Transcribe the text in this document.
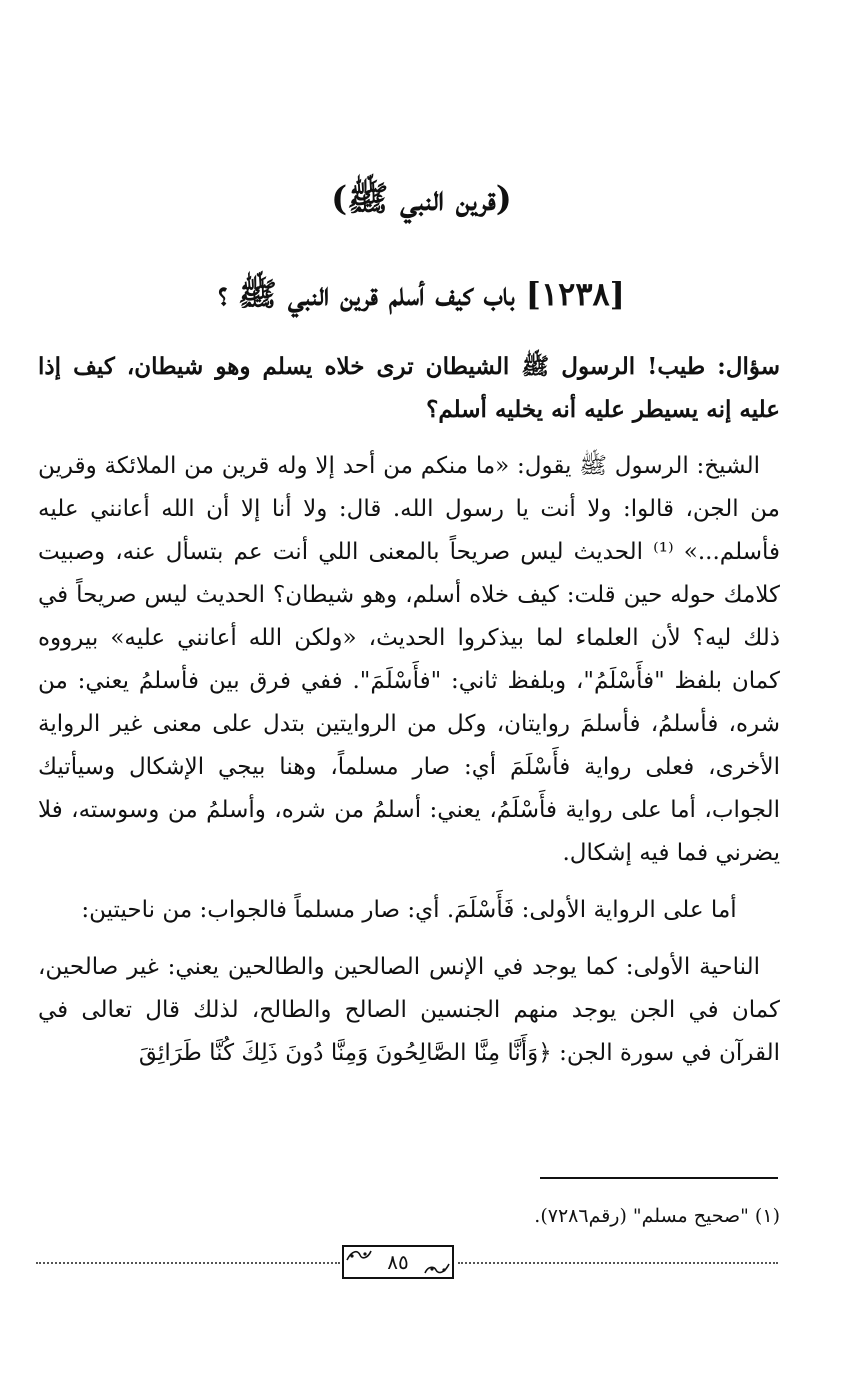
(قرين النبي ﷺ)
[١٢٣٨] باب كيف أسلم قرين النبي ﷺ ؟

سؤال: طيب! الرسول ﷺ الشيطان ترى خلاه يسلم وهو شيطان، كيف إذا عليه إنه يسيطر عليه أنه يخليه أسلم؟

الشيخ: الرسول ﷺ يقول: «ما منكم من أحد إلا وله قرين من الملائكة وقرين من الجن، قالوا: ولا أنت يا رسول الله. قال: ولا أنا إلا أن الله أعانني عليه فأسلم...» ⁽¹⁾ الحديث ليس صريحاً بالمعنى اللي أنت عم بتسأل عنه، وصبيت كلامك حوله حين قلت: كيف خلاه أسلم، وهو شيطان؟ الحديث ليس صريحاً في ذلك ليه؟ لأن العلماء لما بيذكروا الحديث، «ولكن الله أعانني عليه» بيرووه كمان بلفظ "فأَسْلَمُ"، وبلفظ ثاني: "فأَسْلَمَ". ففي فرق بين فأسلمُ يعني: من شره، فأسلمُ، فأسلمَ روايتان، وكل من الروايتين بتدل على معنى غير الرواية الأخرى، فعلى رواية فأَسْلَمَ أي: صار مسلماً، وهنا بيجي الإشكال وسيأتيك الجواب، أما على رواية فأَسْلَمُ، يعني: أسلمُ من شره، وأسلمُ من وسوسته، فلا يضرني فما فيه إشكال.

أما على الرواية الأولى: فَأَسْلَمَ. أي: صار مسلماً فالجواب: من ناحيتين:

الناحية الأولى: كما يوجد في الإنس الصالحين والطالحين يعني: غير صالحين، كمان في الجن يوجد منهم الجنسين الصالح والطالح، لذلك قال تعالى في القرآن في سورة الجن: ﴿وَأَنَّا مِنَّا الصَّالِحُونَ وَمِنَّا دُونَ ذَلِكَ كُنَّا طَرَائِقَ

(١) "صحيح مسلم" (رقم٧٢٨٦).
٨٥
